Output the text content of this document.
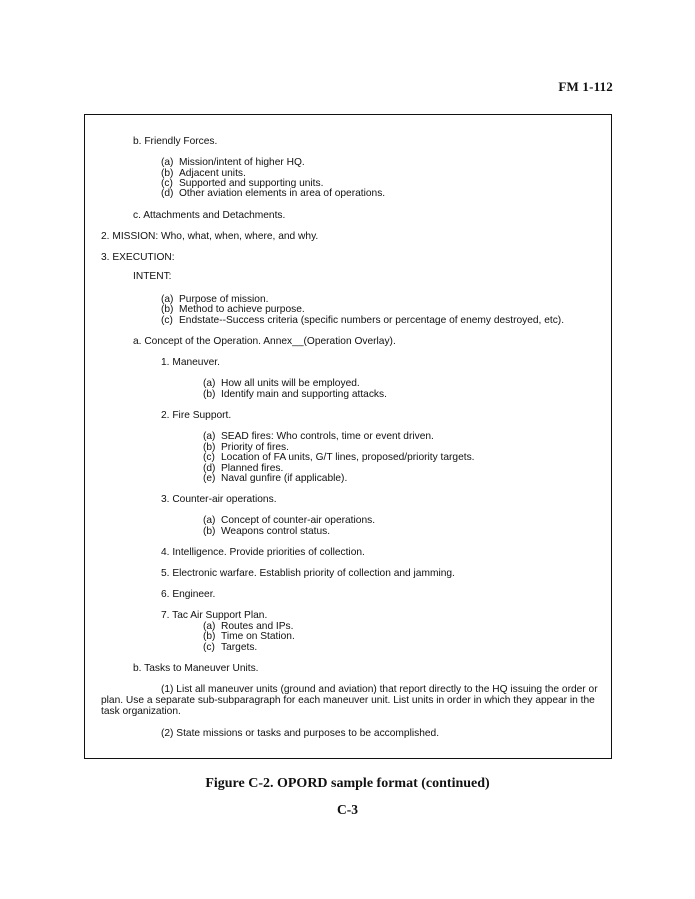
FM 1-112
b. Friendly Forces.
(a) Mission/intent of higher HQ.
(b) Adjacent units.
(c) Supported and supporting units.
(d) Other aviation elements in area of operations.
c. Attachments and Detachments.
2. MISSION: Who, what, when, where, and why.
3. EXECUTION:
INTENT:
(a) Purpose of mission.
(b) Method to achieve purpose.
(c) Endstate--Success criteria (specific numbers or percentage of enemy destroyed, etc).
a. Concept of the Operation. Annex__(Operation Overlay).
1. Maneuver.
(a) How all units will be employed.
(b) Identify main and supporting attacks.
2. Fire Support.
(a) SEAD fires: Who controls, time or event driven.
(b) Priority of fires.
(c) Location of FA units, G/T lines, proposed/priority targets.
(d) Planned fires.
(e) Naval gunfire (if applicable).
3. Counter-air operations.
(a) Concept of counter-air operations.
(b) Weapons control status.
4. Intelligence. Provide priorities of collection.
5. Electronic warfare. Establish priority of collection and jamming.
6. Engineer.
7. Tac Air Support Plan.
(a) Routes and IPs.
(b) Time on Station.
(c) Targets.
b. Tasks to Maneuver Units.
(1) List all maneuver units (ground and aviation) that report directly to the HQ issuing the order or plan. Use a separate sub-subparagraph for each maneuver unit. List units in order in which they appear in the task organization.
(2) State missions or tasks and purposes to be accomplished.
Figure C-2. OPORD sample format (continued)
C-3
